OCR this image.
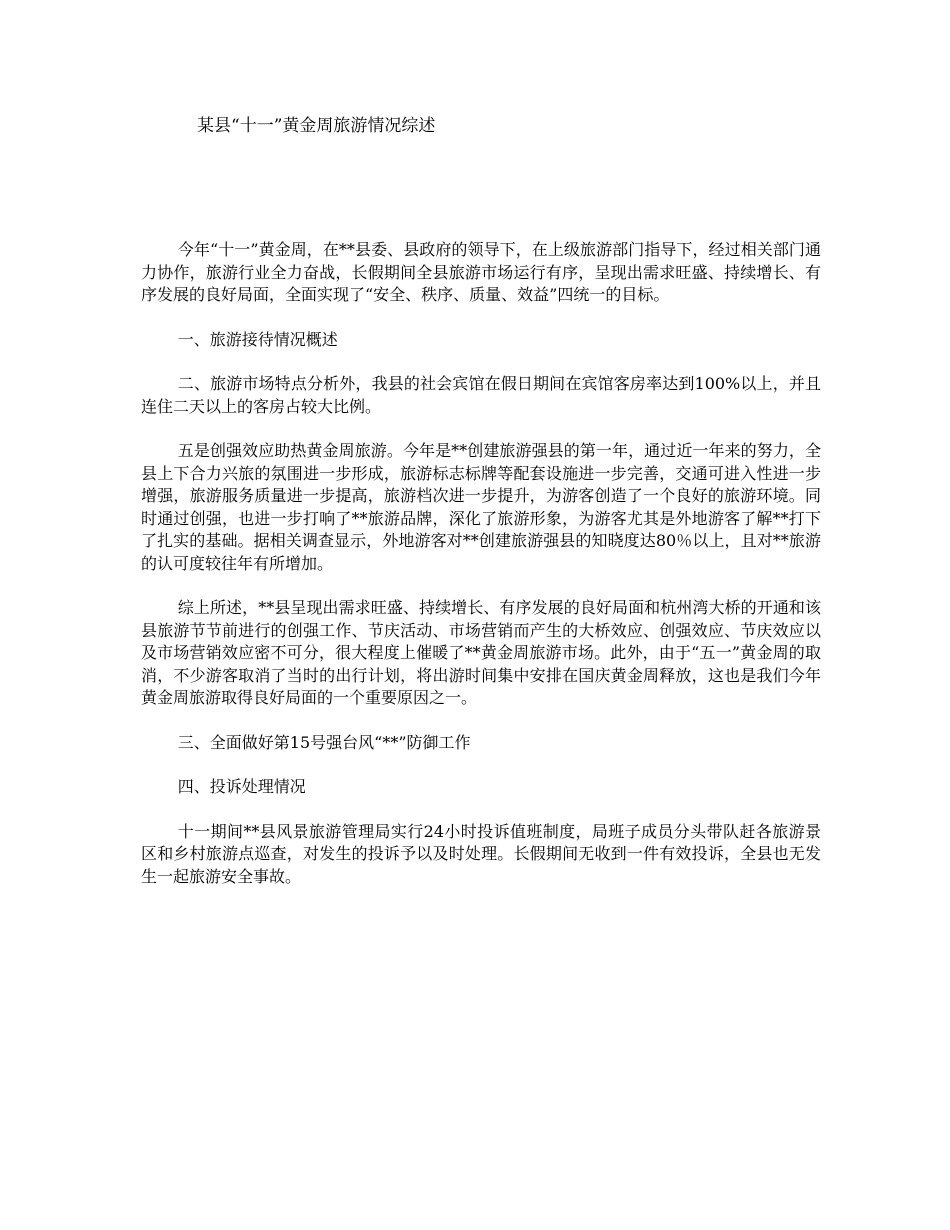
某县“十一”黄金周旅游情况综述

今年“十一”黄金周，在**县委、县政府的领导下，在上级旅游部门指导下，经过相关部门通力协作，旅游行业全力奋战，长假期间全县旅游市场运行有序，呈现出需求旺盛、持续增长、有序发展的良好局面，全面实现了“安全、秩序、质量、效益”四统一的目标。

一、旅游接待情况概述

二、旅游市场特点分析外，我县的社会宾馆在假日期间在宾馆客房率达到100%以上，并且连住二天以上的客房占较大比例。

五是创强效应助热黄金周旅游。今年是**创建旅游强县的第一年，通过近一年来的努力，全县上下合力兴旅的氛围进一步形成，旅游标志标牌等配套设施进一步完善，交通可进入性进一步增强，旅游服务质量进一步提高，旅游档次进一步提升，为游客创造了一个良好的旅游环境。同时通过创强，也进一步打响了**旅游品牌，深化了旅游形象，为游客尤其是外地游客了解**打下了扎实的基础。据相关调查显示，外地游客对**创建旅游强县的知晓度达80％以上，且对**旅游的认可度较往年有所增加。

综上所述，**县呈现出需求旺盛、持续增长、有序发展的良好局面和杭州湾大桥的开通和该县旅游节节前进行的创强工作、节庆活动、市场营销而产生的大桥效应、创强效应、节庆效应以及市场营销效应密不可分，很大程度上催暖了**黄金周旅游市场。此外，由于“五一”黄金周的取消，不少游客取消了当时的出行计划，将出游时间集中安排在国庆黄金周释放，这也是我们今年黄金周旅游取得良好局面的一个重要原因之一。

三、全面做好第15号强台风“**”防御工作

四、投诉处理情况

十一期间**县风景旅游管理局实行24小时投诉值班制度，局班子成员分头带队赶各旅游景区和乡村旅游点巡查，对发生的投诉予以及时处理。长假期间无收到一件有效投诉，全县也无发生一起旅游安全事故。
